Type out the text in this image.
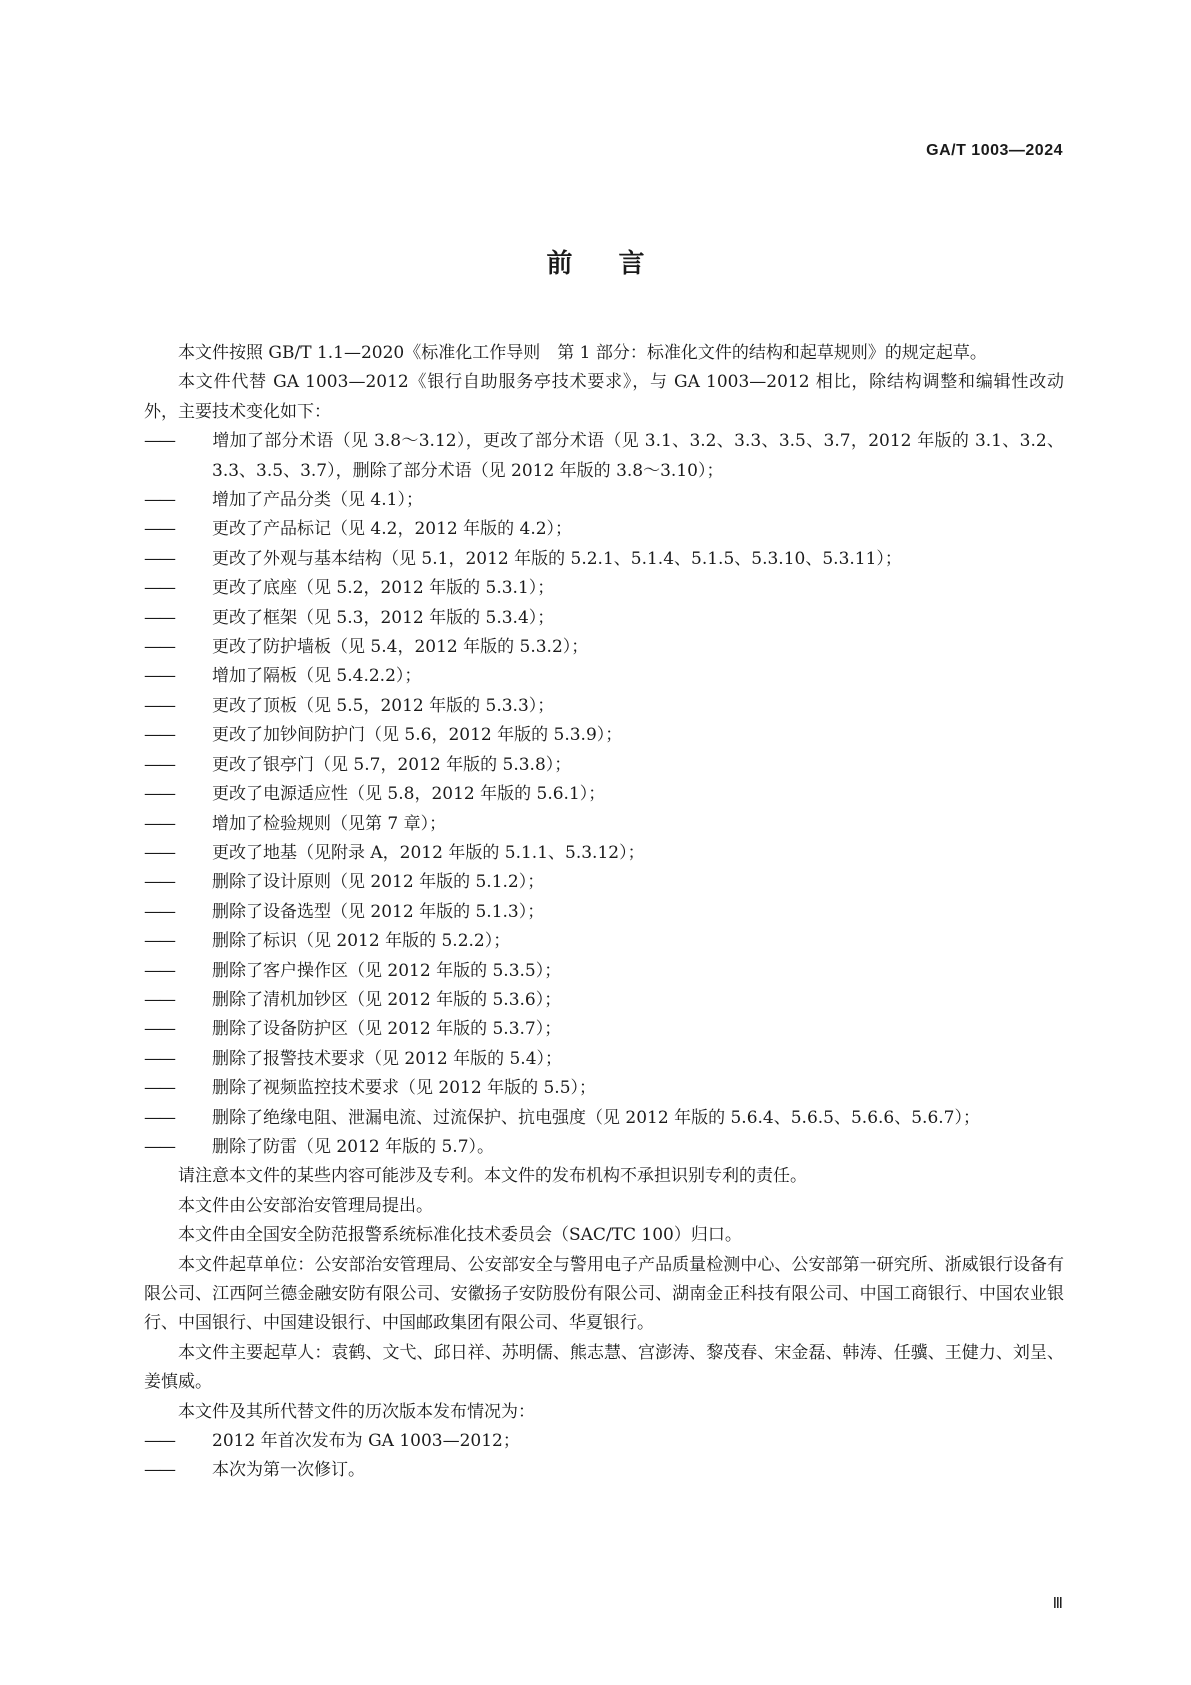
GA/T 1003—2024
前言

本文件按照 GB/T 1.1—2020《标准化工作导则　第 1 部分：标准化文件的结构和起草规则》的规定起草。

本文件代替 GA 1003—2012《银行自助服务亭技术要求》，与 GA 1003—2012 相比，除结构调整和编辑性改动外，主要技术变化如下：

—— 增加了部分术语（见 3.8～3.12），更改了部分术语（见 3.1、3.2、3.3、3.5、3.7，2012 年版的 3.1、3.2、3.3、3.5、3.7），删除了部分术语（见 2012 年版的 3.8～3.10）；

—— 增加了产品分类（见 4.1）；

—— 更改了产品标记（见 4.2，2012 年版的 4.2）；

—— 更改了外观与基本结构（见 5.1，2012 年版的 5.2.1、5.1.4、5.1.5、5.3.10、5.3.11）；

—— 更改了底座（见 5.2，2012 年版的 5.3.1）；

—— 更改了框架（见 5.3，2012 年版的 5.3.4）；

—— 更改了防护墙板（见 5.4，2012 年版的 5.3.2）；

—— 增加了隔板（见 5.4.2.2）；

—— 更改了顶板（见 5.5，2012 年版的 5.3.3）；

—— 更改了加钞间防护门（见 5.6，2012 年版的 5.3.9）；

—— 更改了银亭门（见 5.7，2012 年版的 5.3.8）；

—— 更改了电源适应性（见 5.8，2012 年版的 5.6.1）；

—— 增加了检验规则（见第 7 章）；

—— 更改了地基（见附录 A，2012 年版的 5.1.1、5.3.12）；

—— 删除了设计原则（见 2012 年版的 5.1.2）；

—— 删除了设备选型（见 2012 年版的 5.1.3）；

—— 删除了标识（见 2012 年版的 5.2.2）；

—— 删除了客户操作区（见 2012 年版的 5.3.5）；

—— 删除了清机加钞区（见 2012 年版的 5.3.6）；

—— 删除了设备防护区（见 2012 年版的 5.3.7）；

—— 删除了报警技术要求（见 2012 年版的 5.4）；

—— 删除了视频监控技术要求（见 2012 年版的 5.5）；

—— 删除了绝缘电阻、泄漏电流、过流保护、抗电强度（见 2012 年版的 5.6.4、5.6.5、5.6.6、5.6.7）；

—— 删除了防雷（见 2012 年版的 5.7）。

请注意本文件的某些内容可能涉及专利。本文件的发布机构不承担识别专利的责任。

本文件由公安部治安管理局提出。

本文件由全国安全防范报警系统标准化技术委员会（SAC/TC 100）归口。

本文件起草单位：公安部治安管理局、公安部安全与警用电子产品质量检测中心、公安部第一研究所、浙威银行设备有限公司、江西阿兰德金融安防有限公司、安徽扬子安防股份有限公司、湖南金正科技有限公司、中国工商银行、中国农业银行、中国银行、中国建设银行、中国邮政集团有限公司、华夏银行。

本文件主要起草人：袁鹤、文弋、邱日祥、苏明儒、熊志慧、宫澎涛、黎茂春、宋金磊、韩涛、任骥、王健力、刘呈、姜慎威。

本文件及其所代替文件的历次版本发布情况为：

—— 2012 年首次发布为 GA 1003—2012；

—— 本次为第一次修订。

Ⅲ
